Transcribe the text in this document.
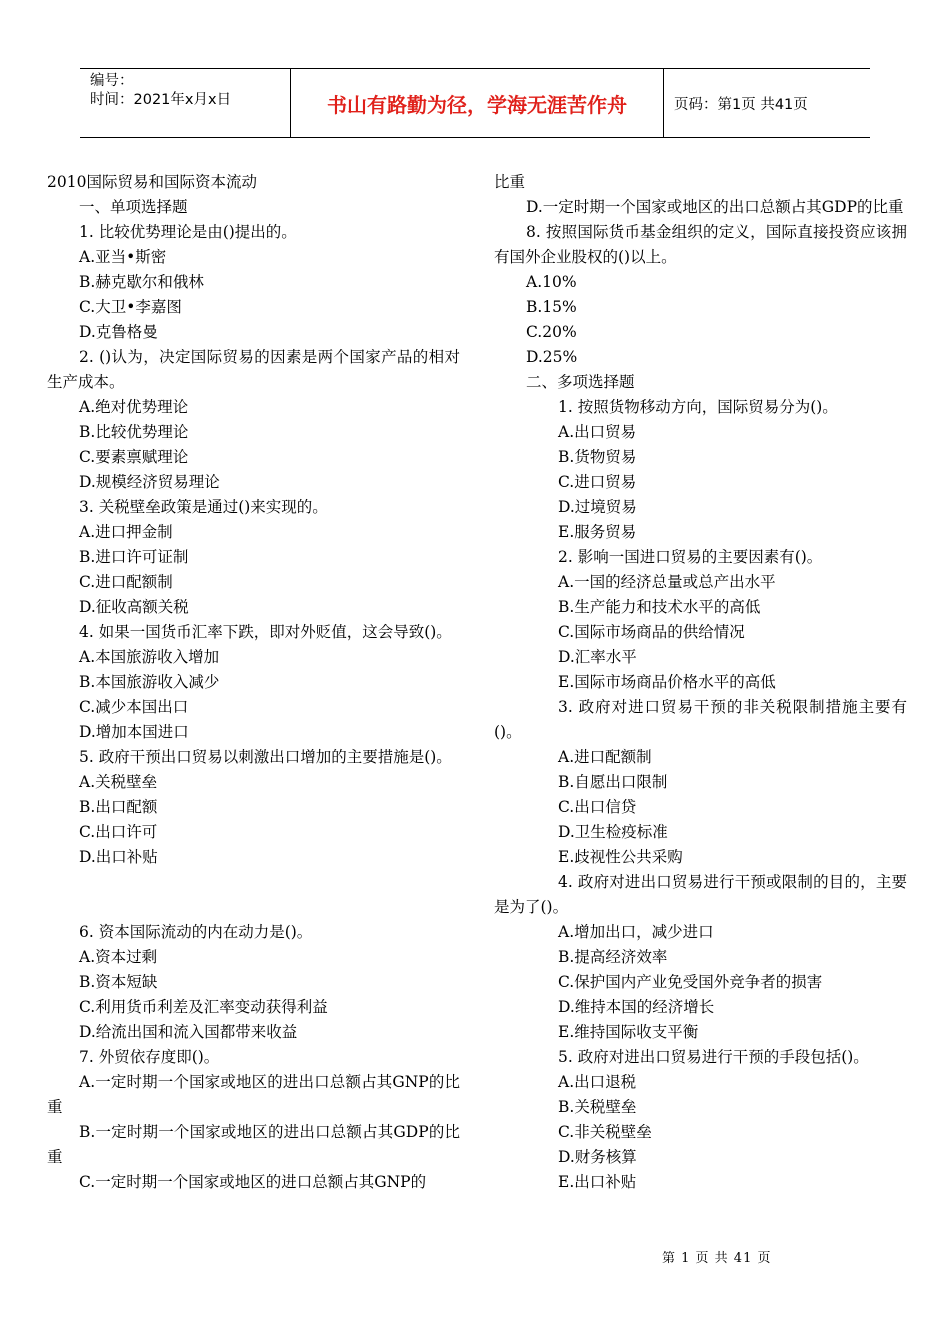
编号：
时间：2021年x月x日	书山有路勤为径，学海无涯苦作舟	页码：第1页 共41页
2010国际贸易和国际资本流动
一、单项选择题
1. 比较优势理论是由()提出的。
A.亚当•斯密
B.赫克歇尔和俄林
C.大卫•李嘉图
D.克鲁格曼
2. ()认为，决定国际贸易的因素是两个国家产品的相对生产成本。
A.绝对优势理论
B.比较优势理论
C.要素禀赋理论
D.规模经济贸易理论
3. 关税壁垒政策是通过()来实现的。
A.进口押金制
B.进口许可证制
C.进口配额制
D.征收高额关税
4. 如果一国货币汇率下跌，即对外贬值，这会导致()。
A.本国旅游收入增加
B.本国旅游收入减少
C.减少本国出口
D.增加本国进口
5. 政府干预出口贸易以刺激出口增加的主要措施是()。
A.关税壁垒
B.出口配额
C.出口许可
D.出口补贴
6. 资本国际流动的内在动力是()。
A.资本过剩
B.资本短缺
C.利用货币利差及汇率变动获得利益
D.给流出国和流入国都带来收益
7. 外贸依存度即()。
A.一定时期一个国家或地区的进出口总额占其GNP的比重
B.一定时期一个国家或地区的进出口总额占其GDP的比重
C.一定时期一个国家或地区的进口总额占其GNP的
比重
D.一定时期一个国家或地区的出口总额占其GDP的比重
8. 按照国际货币基金组织的定义，国际直接投资应该拥有国外企业股权的()以上。
A.10%
B.15%
C.20%
D.25%
二、多项选择题
1. 按照货物移动方向，国际贸易分为()。
A.出口贸易
B.货物贸易
C.进口贸易
D.过境贸易
E.服务贸易
2. 影响一国进口贸易的主要因素有()。
A.一国的经济总量或总产出水平
B.生产能力和技术水平的高低
C.国际市场商品的供给情况
D.汇率水平
E.国际市场商品价格水平的高低
3. 政府对进口贸易干预的非关税限制措施主要有()。
A.进口配额制
B.自愿出口限制
C.出口信贷
D.卫生检疫标准
E.歧视性公共采购
4. 政府对进出口贸易进行干预或限制的目的，主要是为了()。
A.增加出口，减少进口
B.提高经济效率
C.保护国内产业免受国外竞争者的损害
D.维持本国的经济增长
E.维持国际收支平衡
5. 政府对进出口贸易进行干预的手段包括()。
A.出口退税
B.关税壁垒
C.非关税壁垒
D.财务核算
E.出口补贴
第 1 页 共 41 页
